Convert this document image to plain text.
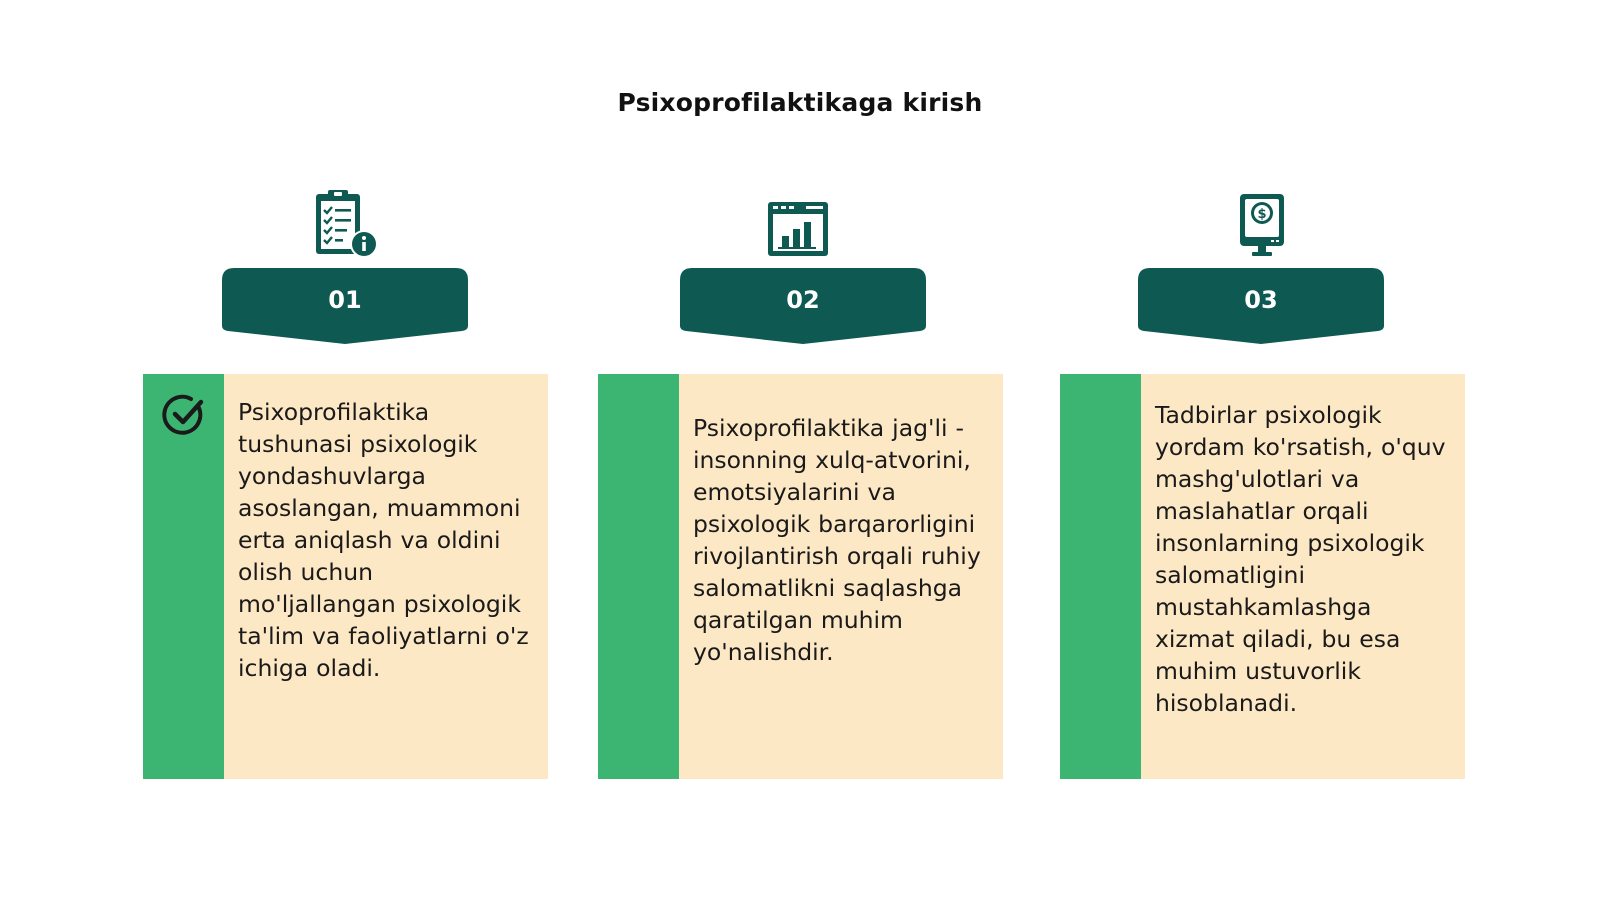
Psixoprofilaktikaga kirish
$
01	02	03

Psixoprofilaktika tushunasi psixologik yondashuvlarga asoslangan, muammoni erta aniqlash va oldini olish uchun mo'ljallangan psixologik ta'lim va faoliyatlarni o'z ichiga oladi.

Psixoprofilaktika jag'li - insonning xulq-atvorini, emotsiyalarini va psixologik barqarorligini rivojlantirish orqali ruhiy salomatlikni saqlashga qaratilgan muhim yo'nalishdir.

Tadbirlar psixologik yordam ko'rsatish, o'quv mashg'ulotlari va maslahatlar orqali insonlarning psixologik salomatligini mustahkamlashga xizmat qiladi, bu esa muhim ustuvorlik hisoblanadi.
